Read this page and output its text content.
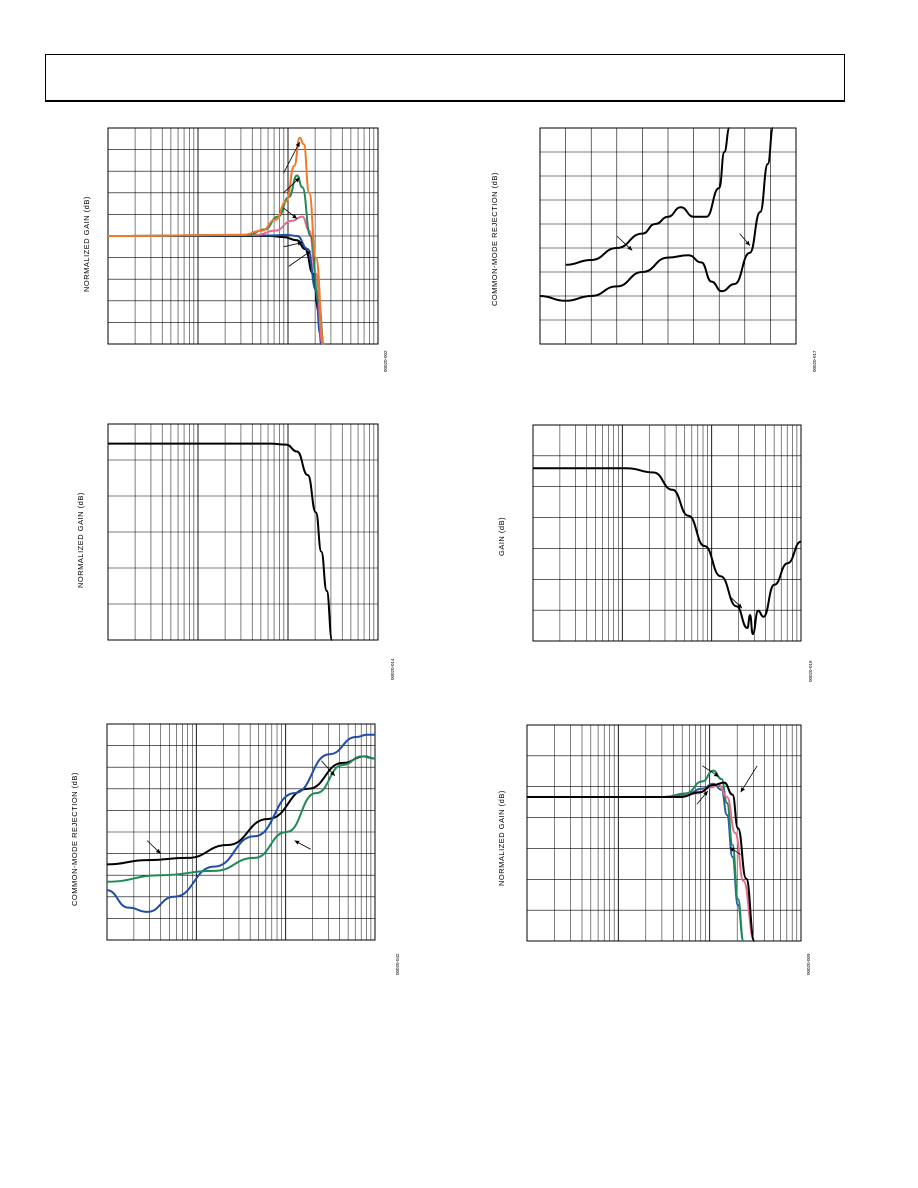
NORMALIZED GAIN (dB)
00020-002
COMMON-MODE REJECTION (dB)
00020-017
NORMALIZED GAIN (dB)
00020-014
GAIN (dB)
00020-018
COMMON-MODE REJECTION (dB)
00020-042
NORMALIZED GAIN (dB)
00020-009
